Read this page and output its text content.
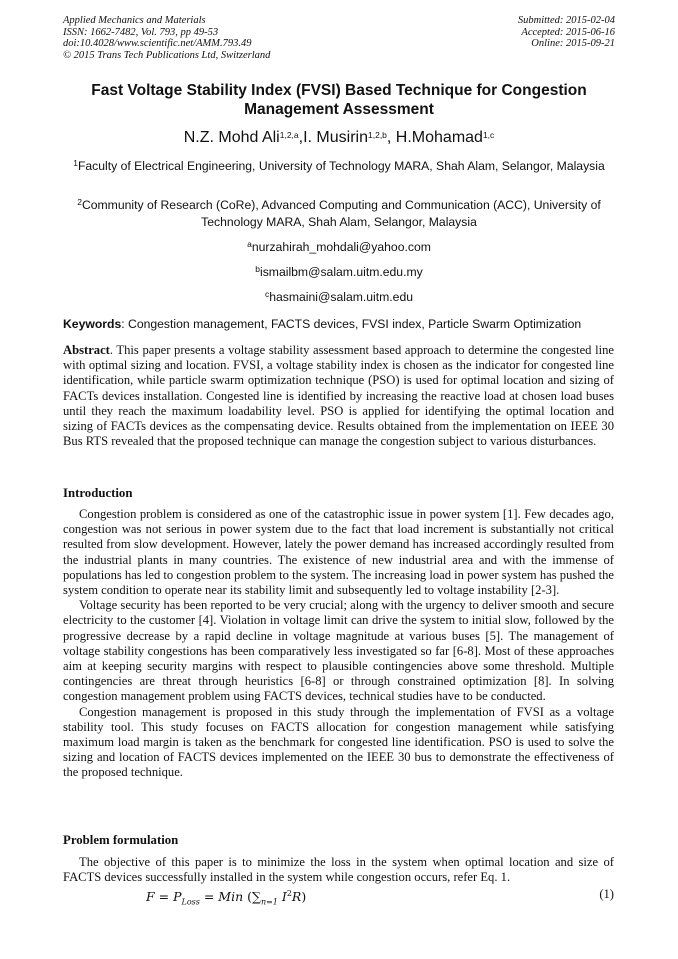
Applied Mechanics and Materials
ISSN: 1662-7482, Vol. 793, pp 49-53
doi:10.4028/www.scientific.net/AMM.793.49
© 2015 Trans Tech Publications Ltd, Switzerland
Submitted: 2015-02-04
Accepted: 2015-06-16
Online: 2015-09-21
Fast Voltage Stability Index (FVSI) Based Technique for Congestion Management Assessment
N.Z. Mohd Ali$^{1,2,a}$,I. Musirin$^{1,2,b}$, H.Mohamad$^{1,c}$
$^1$Faculty of Electrical Engineering, University of Technology MARA, Shah Alam, Selangor, Malaysia
$^2$Community of Research (CoRe), Advanced Computing and Communication (ACC), University of Technology MARA, Shah Alam, Selangor, Malaysia
$^a$nurzahirah_mohdali@yahoo.com
$^b$ismailbm@salam.uitm.edu.my
$^c$hasmaini@salam.uitm.edu
Keywords: Congestion management, FACTS devices, FVSI index, Particle Swarm Optimization
Abstract. This paper presents a voltage stability assessment based approach to determine the congested line with optimal sizing and location. FVSI, a voltage stability index is chosen as the indicator for congested line identification, while particle swarm optimization technique (PSO) is used for optimal location and sizing of FACTs devices installation. Congested line is identified by increasing the reactive load at chosen load buses until they reach the maximum loadability level. PSO is applied for identifying the optimal location and sizing of FACTs devices as the compensating device. Results obtained from the implementation on IEEE 30 Bus RTS revealed that the proposed technique can manage the congestion subject to various disturbances.
Introduction

Congestion problem is considered as one of the catastrophic issue in power system [1]. Few decades ago, congestion was not serious in power system due to the fact that load increment is substantially not critical resulted from slow development. However, lately the power demand has increased accordingly resulted from the industrial plants in many countries. The existence of new industrial area and with the immense of populations has led to congestion problem to the system. The increasing load in power system has pushed the system condition to operate near its stability limit and subsequently led to voltage instability [2-3].

Voltage security has been reported to be very crucial; along with the urgency to deliver smooth and secure electricity to the customer [4]. Violation in voltage limit can drive the system to initial slow, followed by the progressive decrease by a rapid decline in voltage magnitude at various buses [5]. The management of voltage stability congestions has been comparatively less investigated so far [6-8]. Most of these approaches aim at keeping security margins with respect to plausible contingencies above some threshold. Multiple contingencies are threat through heuristics [6-8] or through constrained optimization [8]. In solving congestion management problem using FACTS devices, technical studies have to be conducted.

Congestion management is proposed in this study through the implementation of FVSI as a voltage stability tool. This study focuses on FACTS allocation for congestion management while satisfying maximum load margin is taken as the benchmark for congested line identification. PSO is used to solve the sizing and location of FACTS devices implemented on the IEEE 30 bus to demonstrate the effectiveness of the proposed technique.

Problem formulation

The objective of this paper is to minimize the loss in the system when optimal location and size of FACTS devices successfully installed in the system while congestion occurs, refer Eq. 1.

$F = P_{Loss}$ = Min ($\sum_{n=1}$ $I^2R$)	(1)
